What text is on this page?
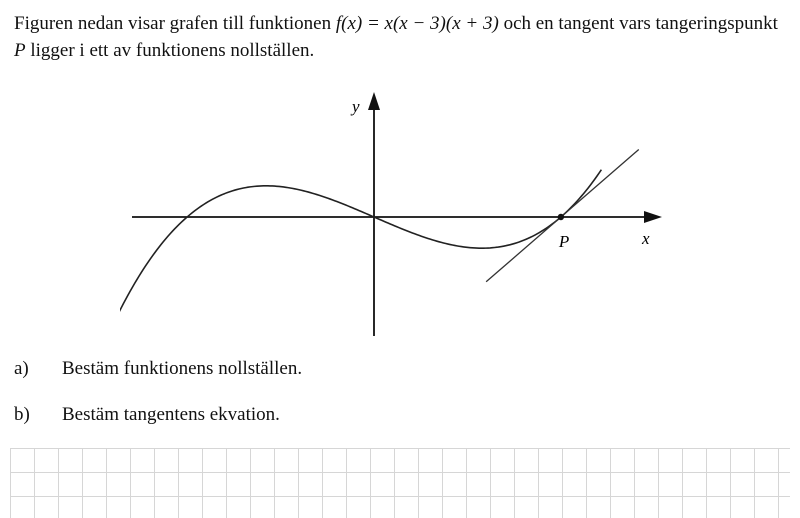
Figuren nedan visar grafen till funktionen f(x) = x(x − 3)(x + 3) och en tangent vars tangeringspunkt P ligger i ett av funktionens nollställen.
P	x
y
a) Bestäm funktionens nollställen.
b) Bestäm tangentens ekvation.
